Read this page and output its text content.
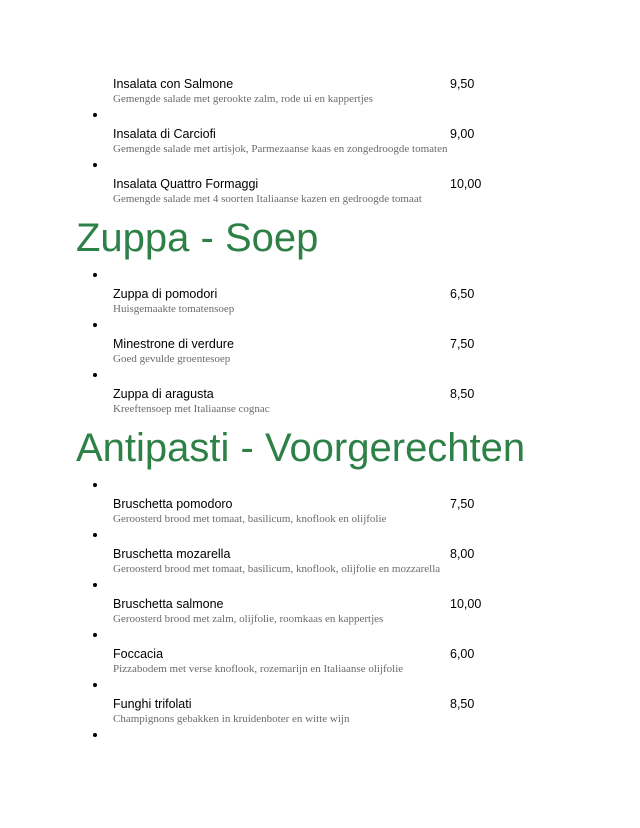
Insalata con Salmone	9,50
Gemengde salade met gerookte zalm, rode ui en kappertjes
Insalata di Carciofi	9,00
Gemengde salade met artisjok, Parmezaanse kaas en zongedroogde tomaten
Insalata Quattro Formaggi	10,00
Gemengde salade met 4 soorten Italiaanse kazen en gedroogde tomaat
Zuppa - Soep
Zuppa di pomodori	6,50
Huisgemaakte tomatensoep
Minestrone di verdure	7,50
Goed gevulde groentesoep
Zuppa di aragusta	8,50
Kreeftensoep met Italiaanse cognac
Antipasti - Voorgerechten
Bruschetta pomodoro	7,50
Geroosterd brood met tomaat, basilicum, knoflook en olijfolie
Bruschetta mozarella	8,00
Geroosterd brood met tomaat, basilicum, knoflook, olijfolie en mozzarella
Bruschetta salmone	10,00
Geroosterd brood met zalm, olijfolie, roomkaas en kappertjes
Foccacia	6,00
Pizzabodem met verse knoflook, rozemarijn en Italiaanse olijfolie
Funghi trifolati	8,50
Champignons gebakken in kruidenboter en witte wijn
